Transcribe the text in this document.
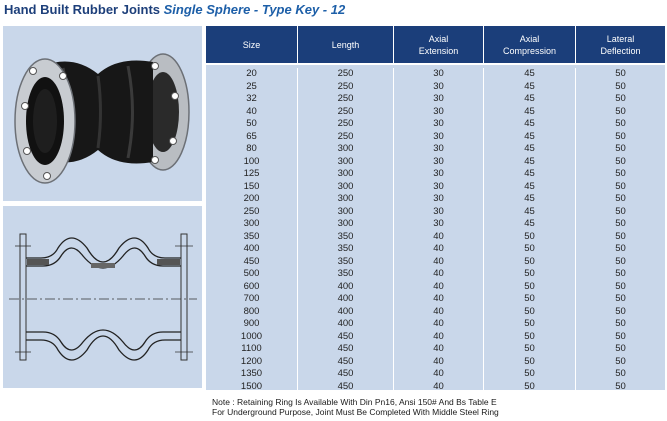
Hand Built Rubber Joints Single Sphere - Type Key - 12
Size	Length
Axial
Extension
Axial
Compression
Lateral
Deflection
20
25
32
40
50
65
80
100
125
150
200
250
300
350
400
450
500
600
700
800
900
1000
1100
1200
1350
1500
250
250
250
250
250
250
300
300
300
300
300
300
300
350
350
350
350
400
400
400
400
450
450
450
450
450
30
30
30
30
30
30
30
30
30
30
30
30
30
40
40
40
40
40
40
40
40
40
40
40
40
40
45
45
45
45
45
45
45
45
45
45
45
45
45
50
50
50
50
50
50
50
50
50
50
50
50
50
50
50
50
50
50
50
50
50
50
50
50
50
50
50
50
50
50
50
50
50
50
50
50
50
50
50
Note : Retaining Ring Is Available With Din Pn16, Ansi 150# And Bs Table E
For Underground Purpose, Joint Must Be Completed With Middle Steel Ring
